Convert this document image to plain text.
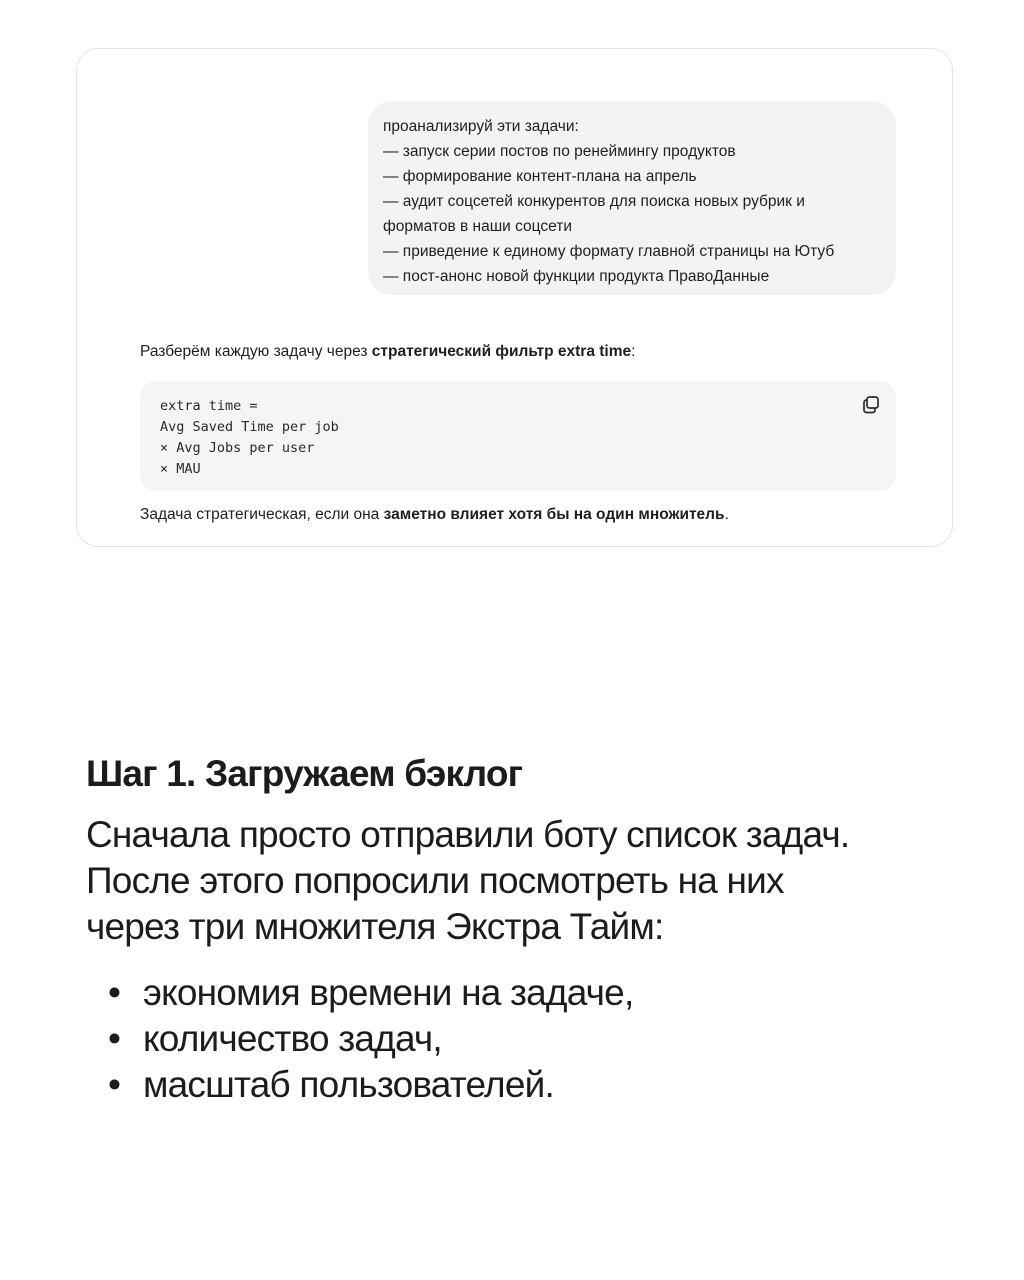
проанализируй эти задачи:
— запуск серии постов по ренеймингу продуктов
— формирование контент-плана на апрель
— аудит соцсетей конкурентов для поиска новых рубрик и
форматов в наши соцсети
— приведение к единому формату главной страницы на Ютуб
— пост-анонс новой функции продукта ПравоДанные

Разберём каждую задачу через стратегический фильтр extra time:

extra time =
Avg Saved Time per job
× Avg Jobs per user
× MAU

Задача стратегическая, если она заметно влияет хотя бы на один множитель.

Шаг 1. Загружаем бэклог

Сначала просто отправили боту список задач.
После этого попросили посмотреть на них
через три множителя Экстра Тайм:

• экономия времени на задаче,
• количество задач,
• масштаб пользователей.
